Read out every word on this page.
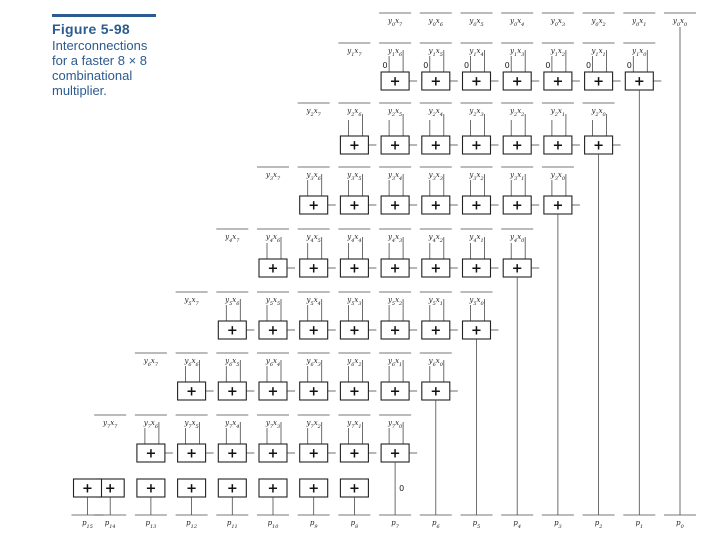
Figure 5-98
Interconnections
for a faster 8 × 8
combinational
multiplier.
$y_0x_7$	$y_0x_6$	$y_0x_5$	$y_0x_4$	$y_0x_3$	$y_0x_2$	$y_0x_1$	$y_0x_0$
$y_1x_7$	$y_1x_6$	$y_1x_5$	$y_1x_4$	$y_1x_3$	$y_1x_2$	$y_1x_1$	$y_1x_0$
$y_2x_7$	$y_2x_6$	$y_2x_5$	$y_2x_4$	$y_2x_3$	$y_2x_2$	$y_2x_1$	$y_2x_0$
$y_3x_7$	$y_3x_6$	$y_3x_5$	$y_3x_4$	$y_3x_3$	$y_3x_2$	$y_3x_1$	$y_3x_0$
$y_4x_7$	$y_4x_6$	$y_4x_5$	$y_4x_4$	$y_4x_3$	$y_4x_2$	$y_4x_1$	$y_4x_0$
$y_5x_7$	$y_5x_6$	$y_5x_5$	$y_5x_4$	$y_5x_3$	$y_5x_2$	$y_5x_1$	$y_5x_0$
$y_6x_7$	$y_6x_6$	$y_6x_5$	$y_6x_4$	$y_6x_3$	$y_6x_2$	$y_6x_1$	$y_6x_0$
$y_7x_7$	$y_7x_6$	$y_7x_5$	$y_7x_4$	$y_7x_3$	$y_7x_2$	$y_7x_1$	$y_7x_0$
+
+
+
+
+
+
+
+
+
+
+
+
+
+
+
+
+
+
+
+
+
+
+
+
+
+
+
+
+
+
+
+
+
+
+
+
+
+
+
+
+
+
+
+
+
+
+
+
+
+
+
+
+
+
+
+
+
0
0
0
0
0
0
0
0
$p_{15}$ $p_{14}$	$p_{13}$	$p_{12}$	$p_{11}$	$p_{10}$	$p_9$	$p_8$	$p_7$	$p_6$	$p_5$	$p_4$	$p_3$	$p_2$	$p_1$	$p_0$
